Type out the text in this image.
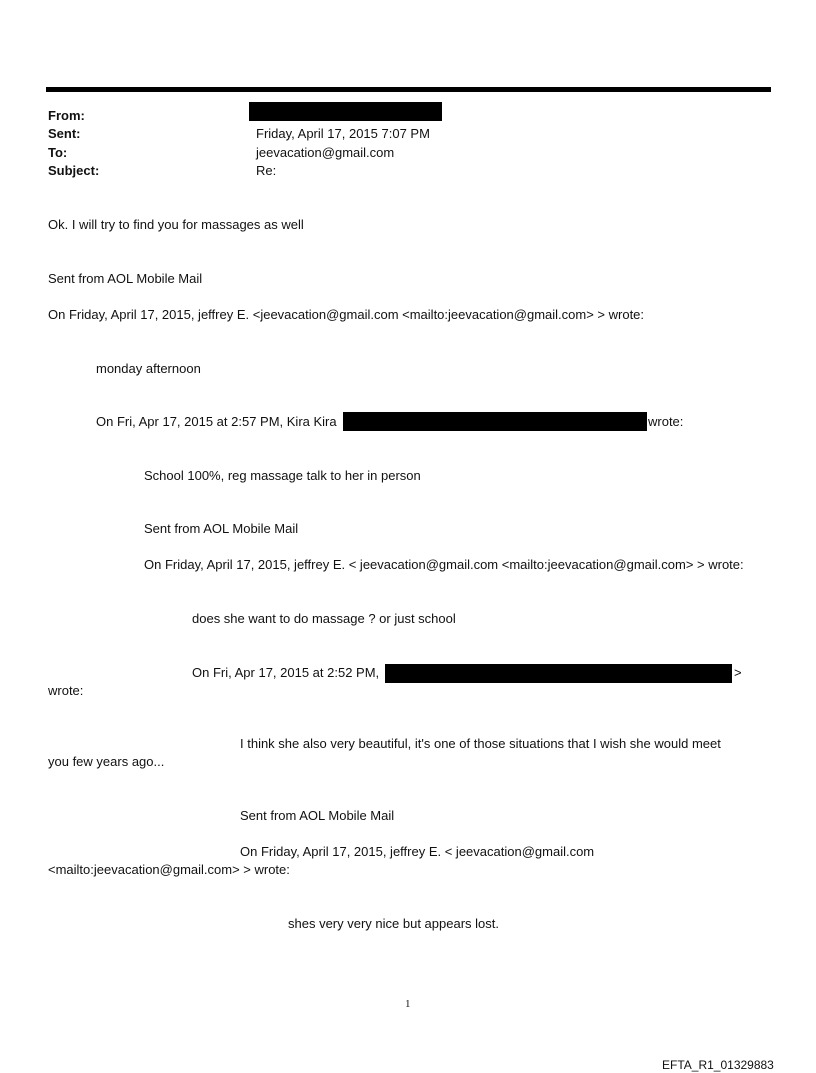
From:
Sent:	Friday, April 17, 2015 7:07 PM
To:	jeevacation@gmail.com
Subject:	Re:
Ok. I will try to find you for massages as well
Sent from AOL Mobile Mail
On Friday, April 17, 2015, jeffrey E. <jeevacation@gmail.com <mailto:jeevacation@gmail.com> > wrote:
monday afternoon
On Fri, Apr 17, 2015 at 2:57 PM, Kira Kira	wrote:
School 100%, reg massage talk to her in person
Sent from AOL Mobile Mail
On Friday, April 17, 2015, jeffrey E. < jeevacation@gmail.com <mailto:jeevacation@gmail.com> > wrote:
does she want to do massage ? or just school
On Fri, Apr 17, 2015 at 2:52 PM,	>
wrote:
I think she also very beautiful, it's one of those situations that I wish she would meet
you few years ago...
Sent from AOL Mobile Mail
On Friday, April 17, 2015, jeffrey E. < jeevacation@gmail.com
<mailto:jeevacation@gmail.com> > wrote:
shes very very nice but appears lost.
1
EFTA_R1_01329883
